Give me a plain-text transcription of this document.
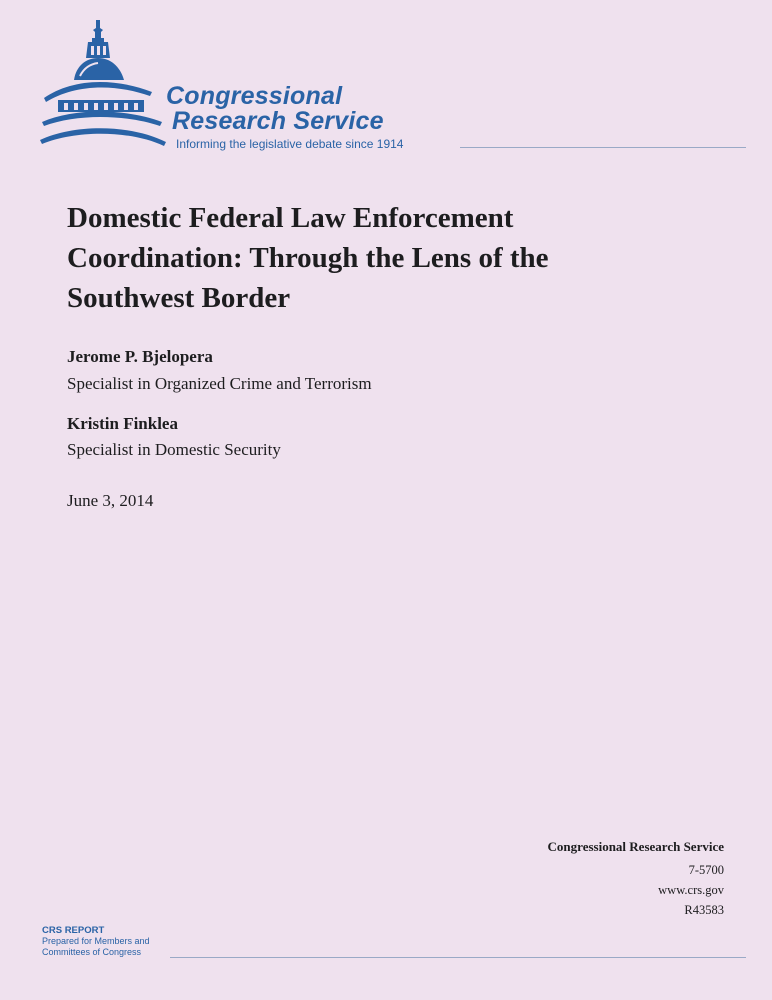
Congressional
Research Service
Informing the legislative debate since 1914
Domestic Federal Law Enforcement
Coordination: Through the Lens of the
Southwest Border
Jerome P. Bjelopera
Specialist in Organized Crime and Terrorism
Kristin Finklea
Specialist in Domestic Security
June 3, 2014
Congressional Research Service
7-5700
www.crs.gov
R43583
CRS REPORT
Prepared for Members and
Committees of Congress
